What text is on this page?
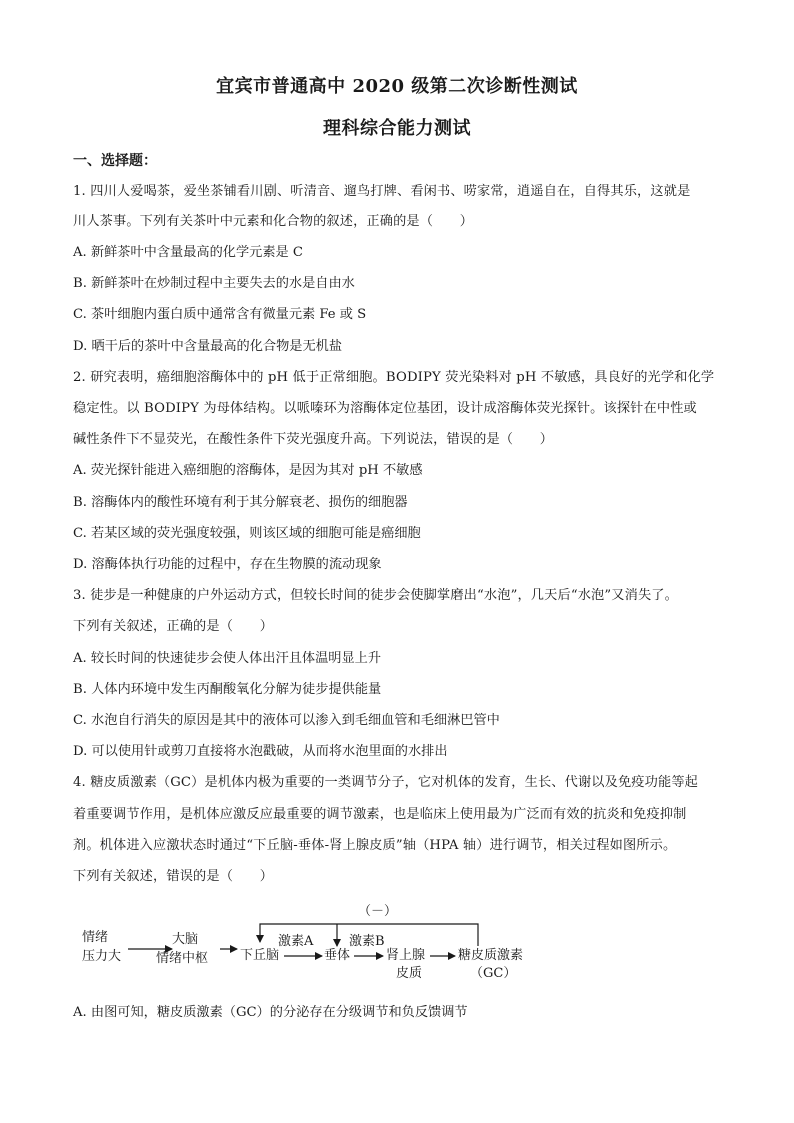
宜宾市普通高中 2020 级第二次诊断性测试
理科综合能力测试
一、选择题：
1. 四川人爱喝茶，爱坐茶铺看川剧、听清音、遛鸟打牌、看闲书、唠家常，逍遥自在，自得其乐，这就是
川人茶事。下列有关茶叶中元素和化合物的叙述，正确的是（　　）
A. 新鲜茶叶中含量最高的化学元素是 C
B. 新鲜茶叶在炒制过程中主要失去的水是自由水
C. 茶叶细胞内蛋白质中通常含有微量元素 Fe 或 S
D. 晒干后的茶叶中含量最高的化合物是无机盐
2. 研究表明，癌细胞溶酶体中的 pH 低于正常细胞。BODIPY 荧光染料对 pH 不敏感，具良好的光学和化学
稳定性。以 BODIPY 为母体结构。以哌嗪环为溶酶体定位基团，设计成溶酶体荧光探针。该探针在中性或
碱性条件下不显荧光，在酸性条件下荧光强度升高。下列说法，错误的是（　　）
A. 荧光探针能进入癌细胞的溶酶体，是因为其对 pH 不敏感
B. 溶酶体内的酸性环境有利于其分解衰老、损伤的细胞器
C. 若某区域的荧光强度较强，则该区域的细胞可能是癌细胞
D. 溶酶体执行功能的过程中，存在生物膜的流动现象
3. 徒步是一种健康的户外运动方式，但较长时间的徒步会使脚掌磨出“水泡”，几天后“水泡”又消失了。
下列有关叙述，正确的是（　　）
A. 较长时间的快速徒步会使人体出汗且体温明显上升
B. 人体内环境中发生丙酮酸氧化分解为徒步提供能量
C. 水泡自行消失的原因是其中的液体可以渗入到毛细血管和毛细淋巴管中
D. 可以使用针或剪刀直接将水泡戳破，从而将水泡里面的水排出
4. 糖皮质激素（GC）是机体内极为重要的一类调节分子，它对机体的发育，生长、代谢以及免疫功能等起
着重要调节作用，是机体应激反应最重要的调节激素，也是临床上使用最为广泛而有效的抗炎和免疫抑制
剂。机体进入应激状态时通过“下丘脑-垂体-肾上腺皮质”轴（HPA 轴）进行调节，相关过程如图所示。
下列有关叙述，错误的是（　　）
（－）
情绪
压力大
大脑
情绪中枢 下丘脑
激素A
垂体
激素B
肾上腺
皮质
糖皮质激素
（GC）
A. 由图可知，糖皮质激素（GC）的分泌存在分级调节和负反馈调节
